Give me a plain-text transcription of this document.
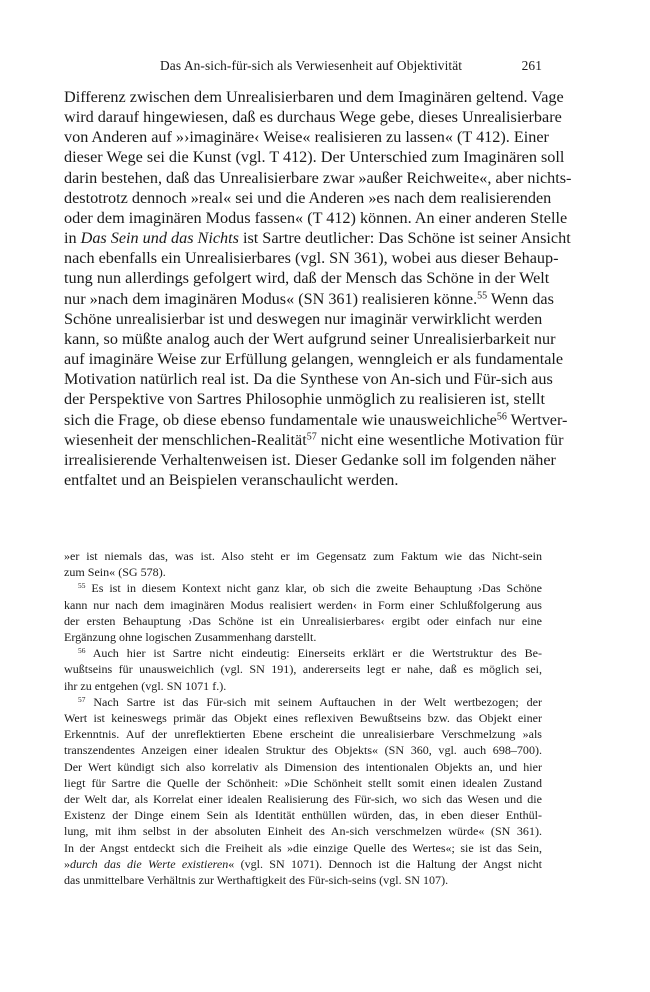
Das An-sich-für-sich als Verwiesenheit auf Objektivität	261
Differenz zwischen dem Unrealisierbaren und dem Imaginären geltend. Vage
wird darauf hingewiesen, daß es durchaus Wege gebe, dieses Unrealisierbare
von Anderen auf »›imaginäre‹ Weise« realisieren zu lassen« (T 412). Einer
dieser Wege sei die Kunst (vgl. T 412). Der Unterschied zum Imaginären soll
darin bestehen, daß das Unrealisierbare zwar »außer Reichweite«, aber nichts-
destotrotz dennoch »real« sei und die Anderen »es nach dem realisierenden
oder dem imaginären Modus fassen« (T 412) können. An einer anderen Stelle
in Das Sein und das Nichts ist Sartre deutlicher: Das Schöne ist seiner Ansicht
nach ebenfalls ein Unrealisierbares (vgl. SN 361), wobei aus dieser Behaup-
tung nun allerdings gefolgert wird, daß der Mensch das Schöne in der Welt
nur »nach dem imaginären Modus« (SN 361) realisieren könne.$^{55}$ Wenn das
Schöne unrealisierbar ist und deswegen nur imaginär verwirklicht werden
kann, so müßte analog auch der Wert aufgrund seiner Unrealisierbarkeit nur
auf imaginäre Weise zur Erfüllung gelangen, wenngleich er als fundamentale
Motivation natürlich real ist. Da die Synthese von An-sich und Für-sich aus
der Perspektive von Sartres Philosophie unmöglich zu realisieren ist, stellt
sich die Frage, ob diese ebenso fundamentale wie unausweichliche$^{56}$ Wertver-
wiesenheit der menschlichen-Realität$^{57}$ nicht eine wesentliche Motivation für
irrealisierende Verhaltenweisen ist. Dieser Gedanke soll im folgenden näher
entfaltet und an Beispielen veranschaulicht werden.
»er ist niemals das, was ist. Also steht er im Gegensatz zum Faktum wie das Nicht-sein
zum Sein« (SG 578).
$^{55}$ Es ist in diesem Kontext nicht ganz klar, ob sich die zweite Behauptung ›Das Schöne
kann nur nach dem imaginären Modus realisiert werden‹ in Form einer Schlußfolgerung aus
der ersten Behauptung ›Das Schöne ist ein Unrealisierbares‹ ergibt oder einfach nur eine
Ergänzung ohne logischen Zusammenhang darstellt.
$^{56}$ Auch hier ist Sartre nicht eindeutig: Einerseits erklärt er die Wertstruktur des Be-
wußtseins für unausweichlich (vgl. SN 191), andererseits legt er nahe, daß es möglich sei,
ihr zu entgehen (vgl. SN 1071 f.).
$^{57}$ Nach Sartre ist das Für-sich mit seinem Auftauchen in der Welt wertbezogen; der
Wert ist keineswegs primär das Objekt eines reflexiven Bewußtseins bzw. das Objekt einer
Erkenntnis. Auf der unreflektierten Ebene erscheint die unrealisierbare Verschmelzung »als
transzendentes Anzeigen einer idealen Struktur des Objekts« (SN 360, vgl. auch 698–700).
Der Wert kündigt sich also korrelativ als Dimension des intentionalen Objekts an, und hier
liegt für Sartre die Quelle der Schönheit: »Die Schönheit stellt somit einen idealen Zustand
der Welt dar, als Korrelat einer idealen Realisierung des Für-sich, wo sich das Wesen und die
Existenz der Dinge einem Sein als Identität enthüllen würden, das, in eben dieser Enthül-
lung, mit ihm selbst in der absoluten Einheit des An-sich verschmelzen würde« (SN 361).
In der Angst entdeckt sich die Freiheit als »die einzige Quelle des Wertes«; sie ist das Sein,
»durch das die Werte existieren« (vgl. SN 1071). Dennoch ist die Haltung der Angst nicht
das unmittelbare Verhältnis zur Werthaftigkeit des Für-sich-seins (vgl. SN 107).
